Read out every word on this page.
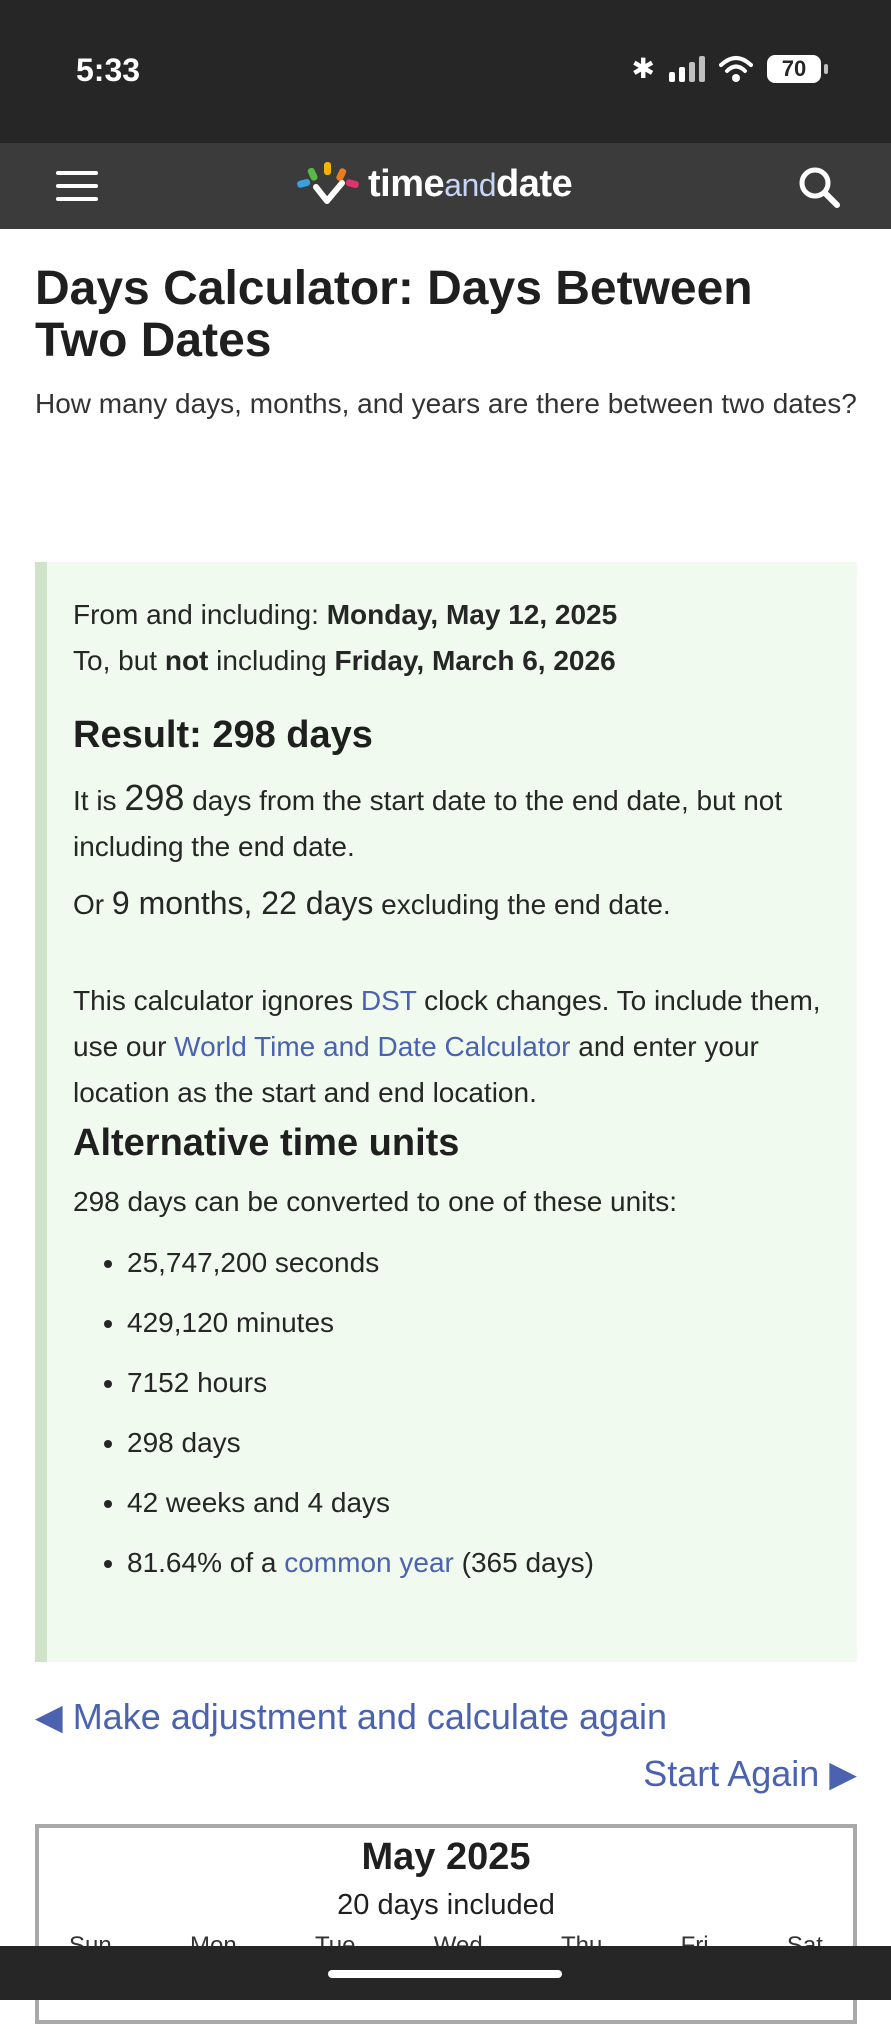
5:33	✱	70
timeanddate
Days Calculator: Days Between Two Dates

How many days, months, and years are there between two dates?

From and including: Monday, May 12, 2025
To, but not including Friday, March 6, 2026
Result: 298 days
It is 298 days from the start date to the end date, but not including the end date.
Or 9 months, 22 days excluding the end date.
This calculator ignores DST clock changes. To include them, use our World Time and Date Calculator and enter your location as the start and end location.
Alternative time units
298 days can be converted to one of these units:
• 25,747,200 seconds
• 429,120 minutes
• 7152 hours
• 298 days
• 42 weeks and 4 days
• 81.64% of a common year (365 days)
◀ Make adjustment and calculate again
Start Again ▶
May 2025
20 days included
